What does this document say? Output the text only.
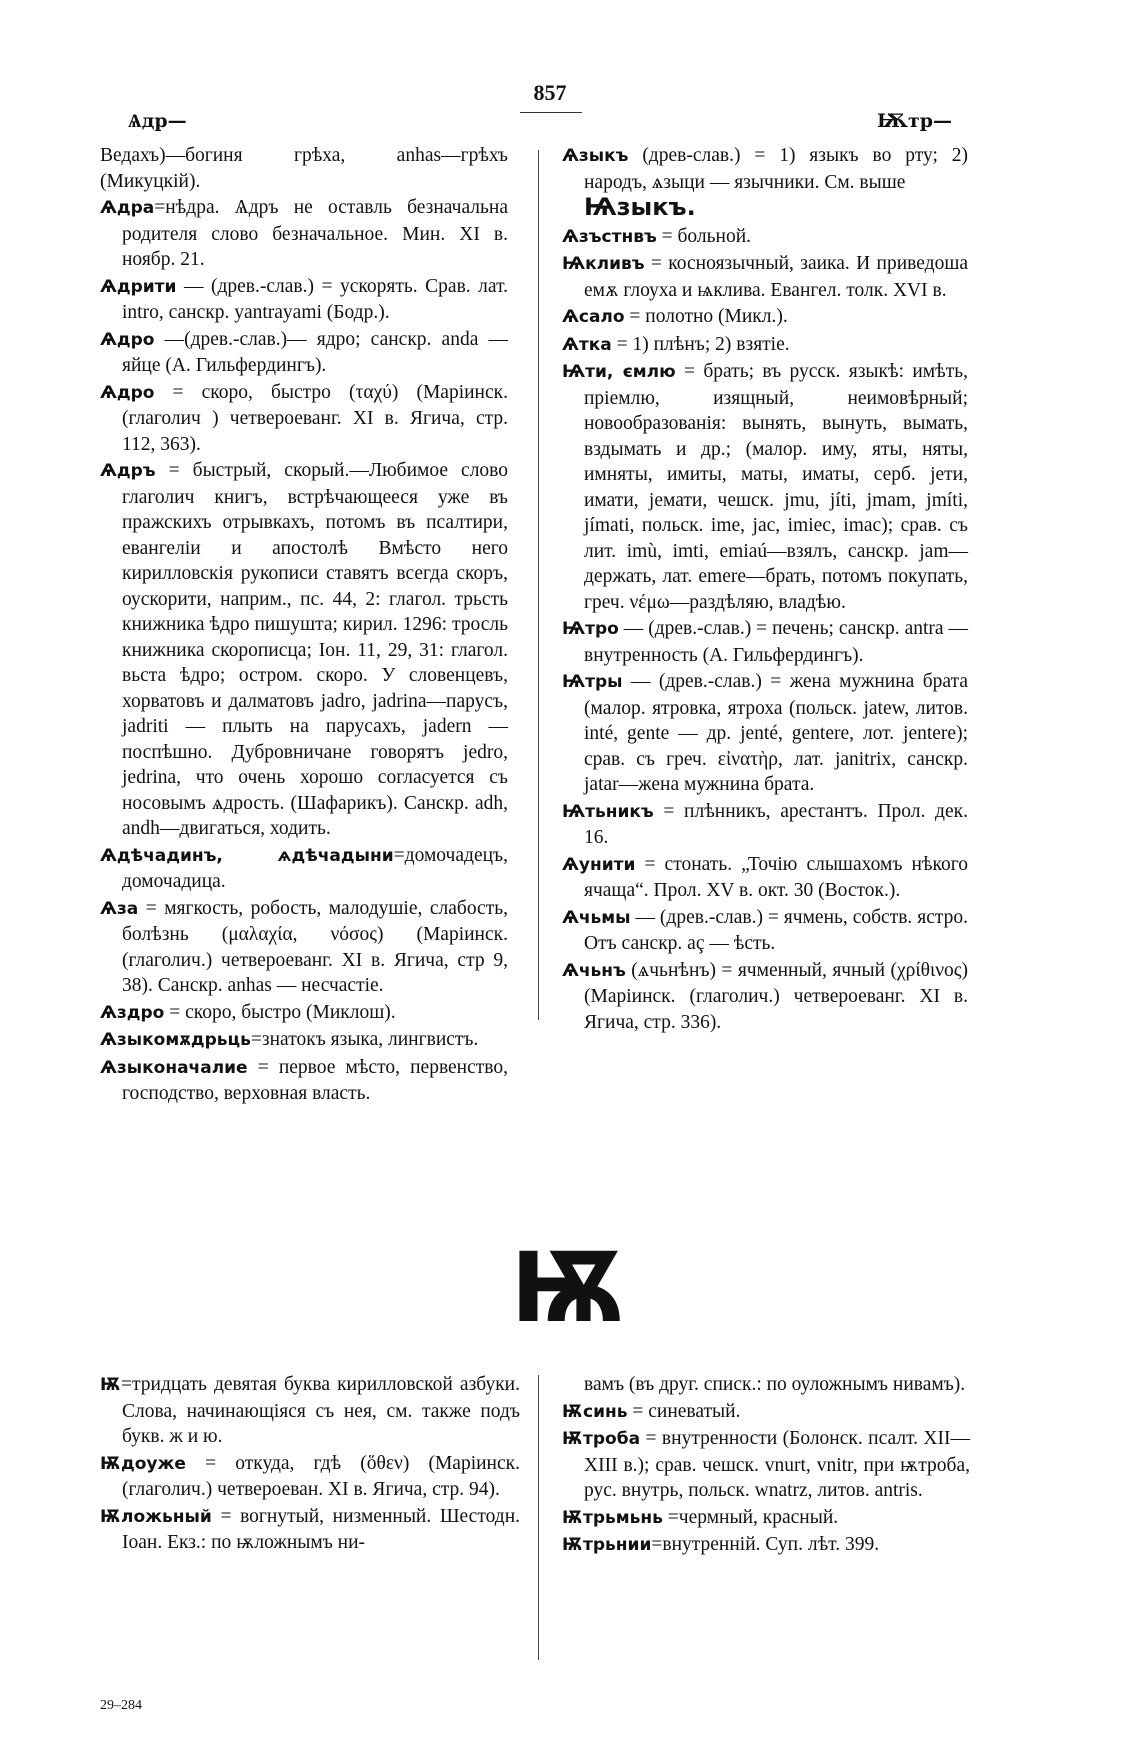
857
Ѧдр—	Ѭтр—

Ведахъ)—богиня грѣха, anhas—грѣхъ (Микуцкій).

Ѧдра=нѣдра. Ѧдръ не оставль безначальна родителя слово безначальное. Мин. XI в. ноябр. 21.

Ѧдрити — (древ.-слав.) = ускорять. Срав. лат. intro, санскр. yantrayami (Бодр.).

Ѧдро —(древ.-слав.)— ядро; санскр. anda — яйце (А. Гильфердингъ).

Ѧдро = скоро, быстро (ταχύ) (Маріинск. (глаголич ) четвероеванг. XI в. Ягича, стр. 112, 363).

Ѧдръ = быстрый, скорый.—Любимое слово глаголич книгъ, встрѣчающееся уже въ пражскихъ отрывкахъ, потомъ въ псалтири, евангеліи и апостолѣ Вмѣсто него кирилловскія рукописи ставятъ всегда скоръ, оускорити, наприм., пс. 44, 2: глагол. трьсть книжника ѣдро пишушта; кирил. 1296: тросль книжника скорописца; Іон. 11, 29, 31: глагол. вьста ѣдро; остром. скоро. У словенцевъ, хорватовъ и далматовъ jadro, jadrina—парусъ, jadriti — плыть на парусахъ, jadern — поспѣшно. Дубровничане говорятъ jedro, jedrina, что очень хорошо согласуется съ носовымъ ѧдрость. (Шафарикъ). Санскр. adh, andh—двигаться, ходить.

Ѧдѣчадинъ, ѧдѣчадыни=домочадецъ, домочадица.

Ѧза = мягкость, робость, малодушіе, слабость, болѣзнь (μαλαχία, νόσος) (Маріинск. (глаголич.) четвероеванг. XI в. Ягича, стр 9, 38). Санскр. anhas — несчастіе.

Ѧздро = скоро, быстро (Миклош).

Ѧзыкомѫдрьць=знатокъ языка, лингвистъ.

Ѧзыконачалие = первое мѣсто, первенство, господство, верховная власть.

Ѧзыкъ (древ-слав.) = 1) языкъ во рту; 2) народъ, ѧзыци — язычники. См. выше
Ѩзыкъ.

Ѧзъстнвъ = больной.

Ѩкливъ = косноязычный, заика. И приведоша емѫ глоуха и ѩклива. Евангел. толк. XVI в.

Ѧсало = полотно (Микл.).

Ѧтка = 1) плѣнъ; 2) взятіе.

Ѩти, ємлю = брать; въ русск. языкѣ: имѣть, пріемлю, изящный, неимовѣрный; новообразованія: вынять, вынуть, вымать, вздымать и др.; (малор. иму, яты, няты, имняты, имиты, маты, иматы, серб. jети, имати, jемати, чешск. jmu, jíti, jmam, jmíti, jímati, польск. ime, jac, imiec, imac); срав. съ лит. imù, imti, emiaú—взялъ, санскр. jam—держать, лат. emere—брать, потомъ покупать, греч. νέμω—раздѣляю, владѣю.

Ѩтро — (древ.-слав.) = печень; санскр. antra — внутренность (А. Гильфердингъ).

Ѩтры — (древ.-слав.) = жена мужнина брата (малор. ятровка, ятроха (польск. jatew, литов. inté, gente — др. jenté, gentere, лот. jentere); срав. съ греч. εἰνατὴρ, лат. janitrix, санскр. jatar—жена мужнина брата.

Ѩтьникъ = плѣнникъ, арестантъ. Прол. дек. 16.

Ѧунити = стонать. „Точію слышахомъ нѣкого ячаща“. Прол. XV в. окт. 30 (Восток.).

Ѧчьмы — (древ.-слав.) = ячмень, собств. ястро. Отъ санскр. aç — ѣсть.

Ѧчьнъ (ѧчьнѣнъ) = ячменный, ячный (χρίθινος) (Маріинск. (глаголич.) четвероеванг. XI в. Ягича, стр. 336).

Ѭ

Ѭ=тридцать девятая буква кирилловской азбуки. Слова, начинающіяся съ нея, см. также подъ букв. ж и ю.

Ѭдоуже = откуда, гдѣ (ὅθεν) (Маріинск. (глаголич.) четвероеван. XI в. Ягича, стр. 94).

Ѭложьный = вогнутый, низменный. Шестодн. Іоан. Екз.: по ѭложнымъ ни-

вамъ (въ друг. списк.: по оуложнымъ нивамъ).

Ѭсинь = синеватый.

Ѭтроба = внутренности (Болонск. псалт. XII—XIII в.); срав. чешск. vnurt, vnitr, при ѭтроба, рус. внутрь, польск. wnatrz, литов. antris.

Ѭтрьмьнь =чермный, красный.

Ѭтрьнии=внутренній. Суп. лѣт. 399.

29–284
